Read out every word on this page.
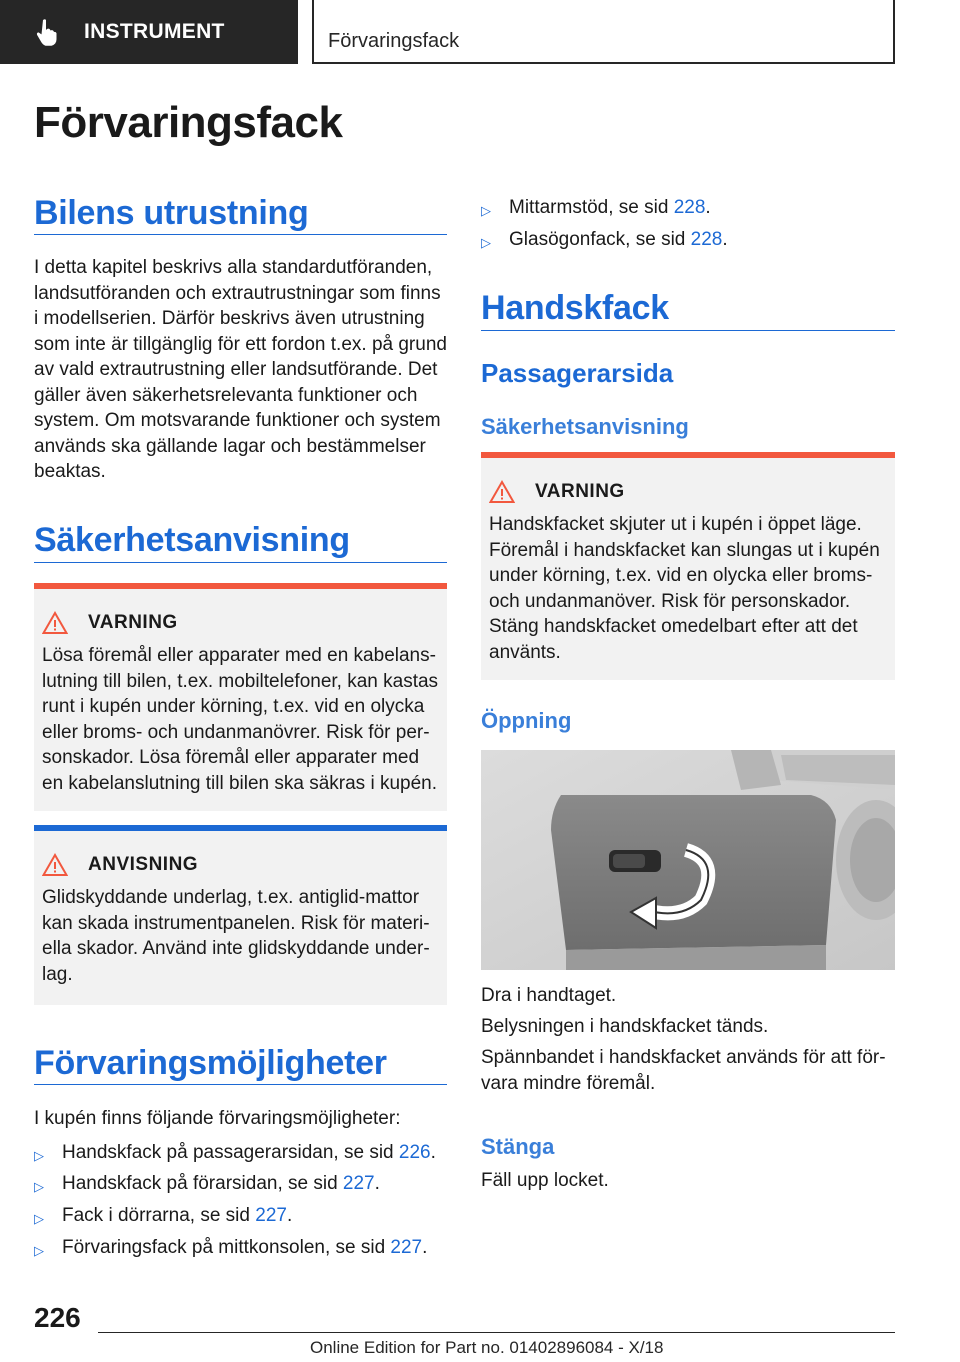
INSTRUMENT	Förvaringsfack
Förvaringsfack
Bilens utrustning
I detta kapitel beskrivs alla standardutföranden, landsutföranden och extrautrustningar som finns i modellserien. Därför beskrivs även utrustning som inte är tillgänglig för ett fordon t.ex. på grund av vald extrautrustning eller landsutförande. Det gäller även säkerhetsrelevanta funktioner och system. Om motsvarande funktioner och system används ska gällande lagar och bestämmelser beaktas.
Säkerhetsanvisning
VARNING
Lösa föremål eller apparater med en kabelanslutning till bilen, t.ex. mobiltelefoner, kan kastas runt i kupén under körning, t.ex. vid en olycka eller broms- och undanmanövrer. Risk för personskador. Lösa föremål eller apparater med en kabelanslutning till bilen ska säkras i kupén.
ANVISNING
Glidskyddande underlag, t.ex. antiglid-mattor kan skada instrumentpanelen. Risk för materiella skador. Använd inte glidskyddande underlag.
Förvaringsmöjligheter
I kupén finns följande förvaringsmöjligheter:
▷ Handskfack på passagerarsidan, se sid 226.
▷ Handskfack på förarsidan, se sid 227.
▷ Fack i dörrarna, se sid 227.
▷ Förvaringsfack på mittkonsolen, se sid 227.
▷ Mittarmstöd, se sid 228.
▷ Glasögonfack, se sid 228.
Handskfack
Passagerarsida
Säkerhetsanvisning
VARNING
Handskfacket skjuter ut i kupén i öppet läge. Föremål i handskfacket kan slungas ut i kupén under körning, t.ex. vid en olycka eller broms- och undanmanöver. Risk för personskador. Stäng handskfacket omedelbart efter att det använts.
Öppning
Dra i handtaget.
Belysningen i handskfacket tänds.
Spännbandet i handskfacket används för att förvara mindre föremål.
Stänga
Fäll upp locket.
226
Online Edition for Part no. 01402896084 - X/18
